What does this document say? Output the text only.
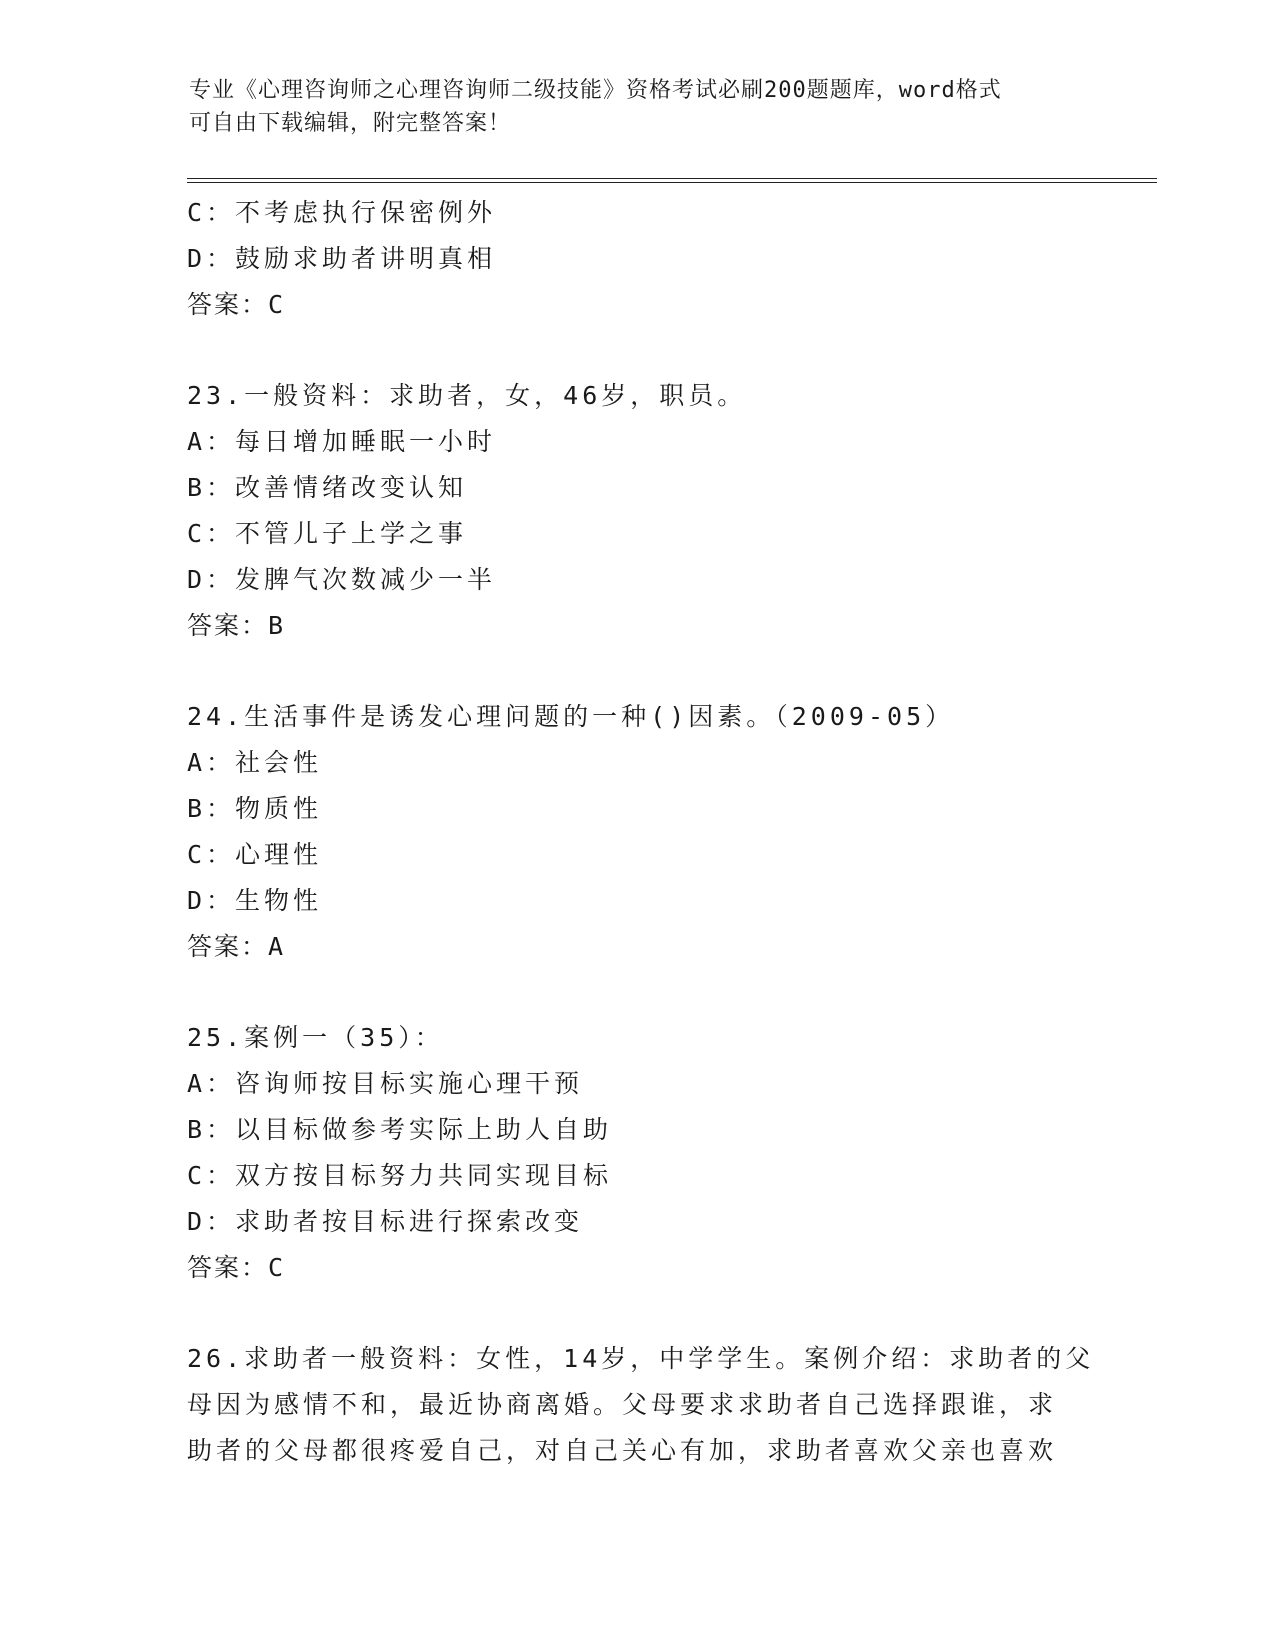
专业《心理咨询师之心理咨询师二级技能》资格考试必刷200题题库，word格式
可自由下载编辑，附完整答案！
C：不考虑执行保密例外
D：鼓励求助者讲明真相
答案：C
23.一般资料：求助者，女，46岁，职员。
A：每日增加睡眠一小时
B：改善情绪改变认知
C：不管儿子上学之事
D：发脾气次数减少一半
答案：B
24.生活事件是诱发心理问题的一种()因素。（2009-05）
A：社会性
B：物质性
C：心理性
D：生物性
答案：A
25.案例一（35）：
A：咨询师按目标实施心理干预
B：以目标做参考实际上助人自助
C：双方按目标努力共同实现目标
D：求助者按目标进行探索改变
答案：C
26.求助者一般资料：女性，14岁，中学学生。案例介绍：求助者的父
母因为感情不和，最近协商离婚。父母要求求助者自己选择跟谁，求
助者的父母都很疼爱自己，对自己关心有加，求助者喜欢父亲也喜欢
